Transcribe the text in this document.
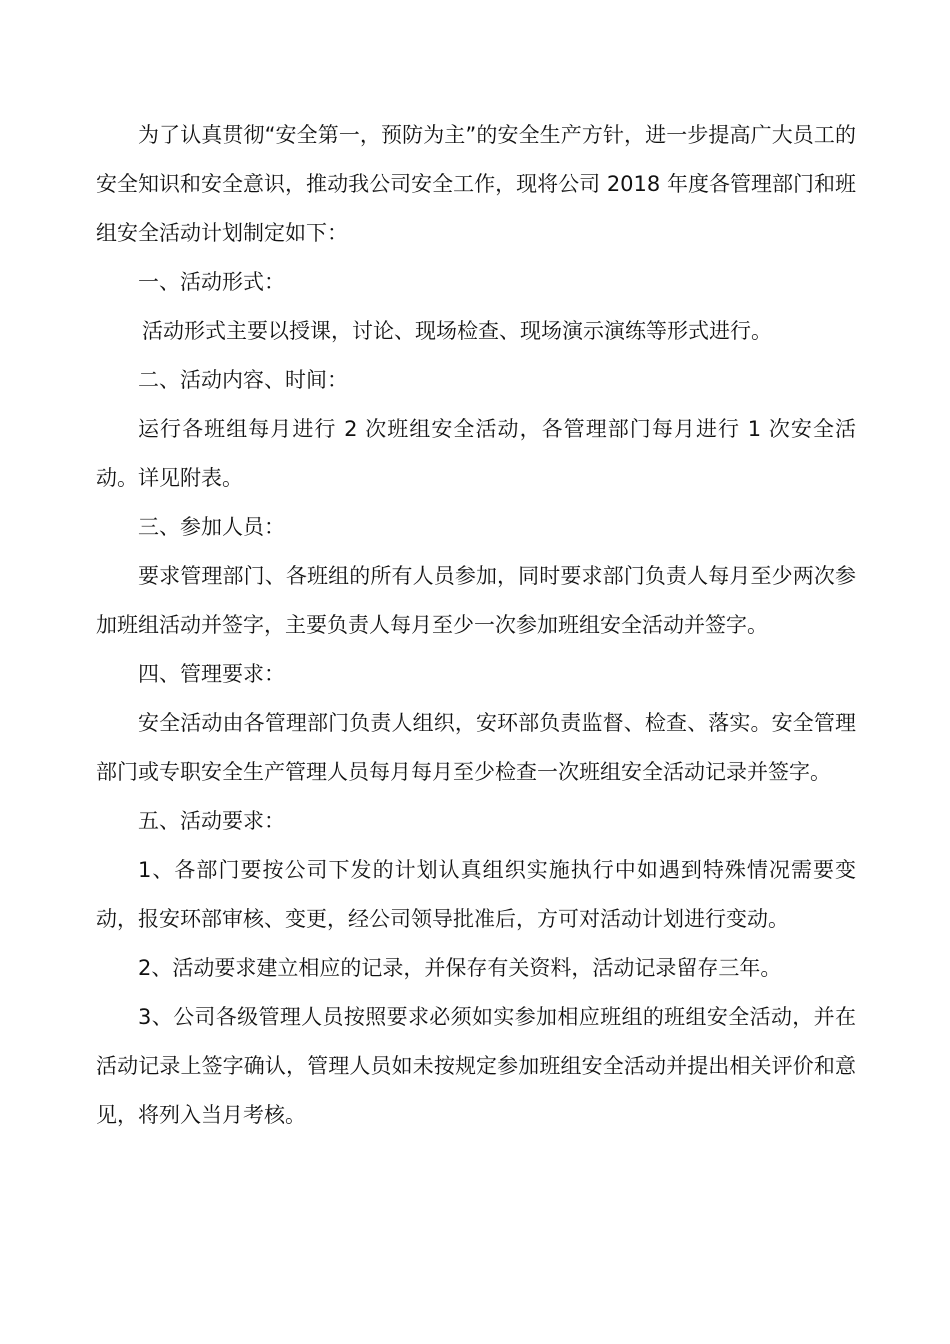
为了认真贯彻“安全第一，预防为主”的安全生产方针，进一步提高广大员工的安全知识和安全意识，推动我公司安全工作，现将公司 2018 年度各管理部门和班组安全活动计划制定如下：

一、活动形式：

活动形式主要以授课，讨论、现场检查、现场演示演练等形式进行。

二、活动内容、时间：

运行各班组每月进行 2 次班组安全活动，各管理部门每月进行 1 次安全活动。详见附表。

三、参加人员：

要求管理部门、各班组的所有人员参加，同时要求部门负责人每月至少两次参加班组活动并签字，主要负责人每月至少一次参加班组安全活动并签字。

四、管理要求：

安全活动由各管理部门负责人组织，安环部负责监督、检查、落实。安全管理部门或专职安全生产管理人员每月每月至少检查一次班组安全活动记录并签字。

五、活动要求：

1、各部门要按公司下发的计划认真组织实施执行中如遇到特殊情况需要变动，报安环部审核、变更，经公司领导批准后，方可对活动计划进行变动。

2、活动要求建立相应的记录，并保存有关资料，活动记录留存三年。

3、公司各级管理人员按照要求必须如实参加相应班组的班组安全活动，并在活动记录上签字确认，管理人员如未按规定参加班组安全活动并提出相关评价和意见，将列入当月考核。
